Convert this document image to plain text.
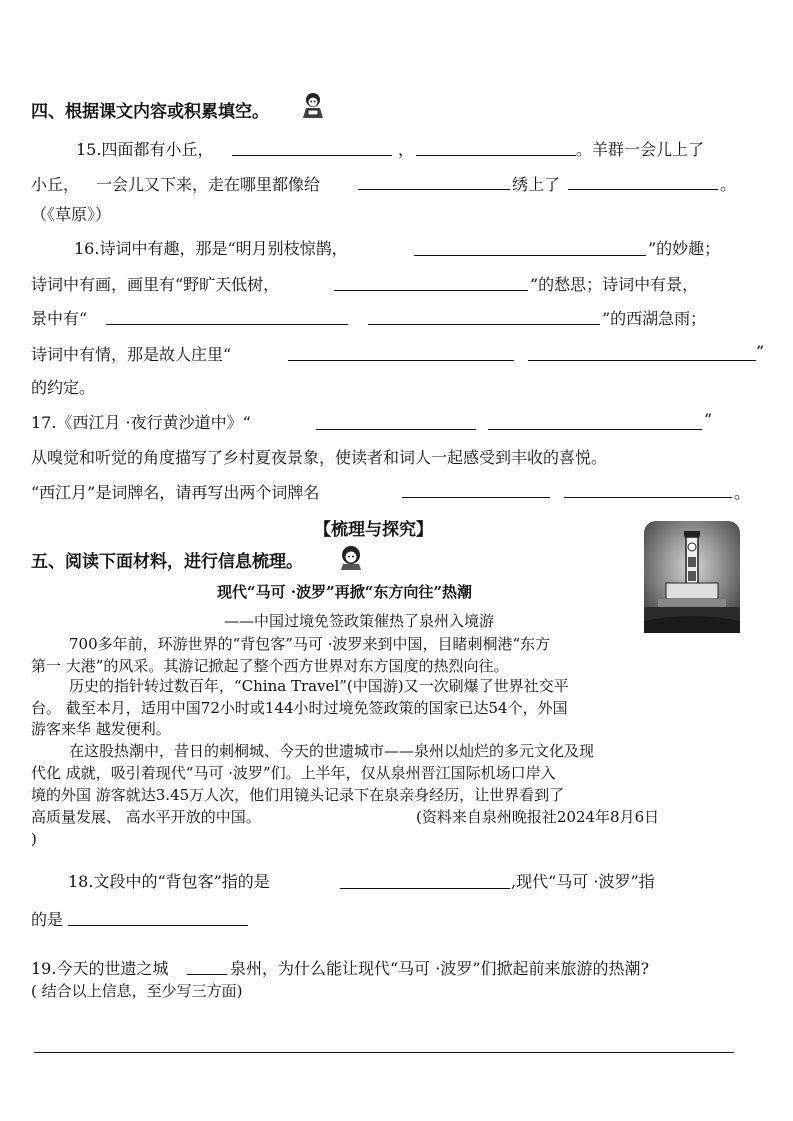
四、根据课文内容或积累填空。
15.四面都有小丘，	，	。羊群一会儿上了
小丘， 一会儿又下来，走在哪里都像给	绣上了	。
（《草原》）
16.诗词中有趣，那是“明月别枝惊鹊，	”的妙趣；
诗词中有画，画里有“野旷天低树，	”的愁思；诗词中有景，
景中有“	”的西湖急雨；
诗词中有情，那是故人庄里“	”
的约定。
17.《西江月 ·夜行黄沙道中》“	”
从嗅觉和听觉的角度描写了乡村夏夜景象，使读者和词人一起感受到丰收的喜悦。
“西江月”是词牌名，请再写出两个词牌名	。
【梳理与探究】
五、阅读下面材料，进行信息梳理。
现代“马可 ·波罗”再掀“东方向往”热潮
——中国过境免签政策催热了泉州入境游
700多年前，环游世界的“背包客”马可 ·波罗来到中国，目睹刺桐港“东方
第一 大港”的风采。其游记掀起了整个西方世界对东方国度的热烈向往。
历史的指针转过数百年，“China Travel”(中国游)又一次刷爆了世界社交平
台。 截至本月，适用中国72小时或144小时过境免签政策的国家已达54个，外国
游客来华 越发便利。
在这股热潮中，昔日的刺桐城、今天的世遗城市——泉州以灿烂的多元文化及现
代化 成就，吸引着现代“马可 ·波罗”们。上半年，仅从泉州晋江国际机场口岸入
境的外国 游客就达3.45万人次，他们用镜头记录下在泉亲身经历，让世界看到了
高质量发展、 高水平开放的中国。	(资料来自泉州晚报社2024年8月6日
)
18.文段中的“背包客”指的是	,现代“马可 ·波罗”指
的是
19.今天的世遗之城	泉州，为什么能让现代“马可 ·波罗”们掀起前来旅游的热潮?
( 结合以上信息，至少写三方面)
